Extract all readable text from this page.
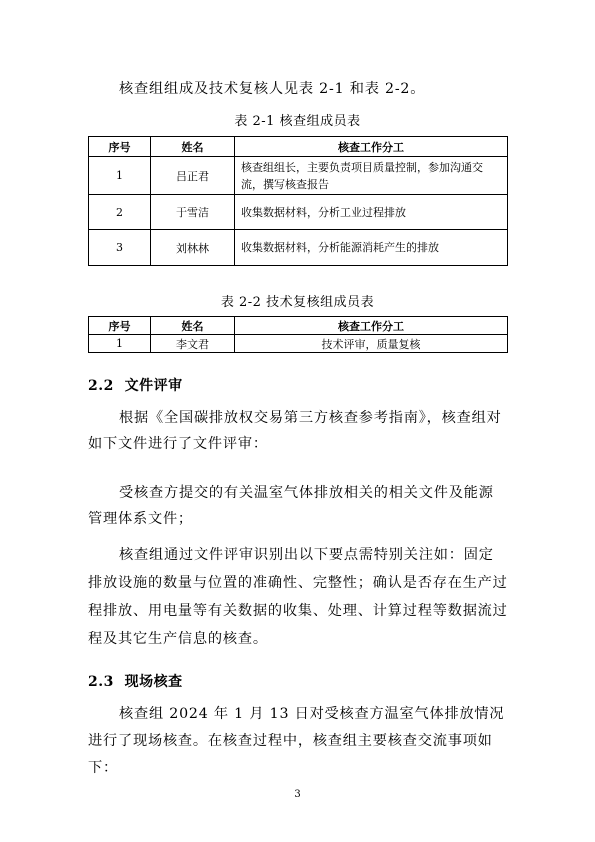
核查组组成及技术复核人见表 2-1 和表 2-2。
表 2-1 核查组成员表
序号	姓名	核查工作分工
1	吕正君	核查组组长，主要负责项目质量控制，参加沟通交流，撰写核查报告
2	于雪洁	收集数据材料，分析工业过程排放
3	刘林林	收集数据材料，分析能源消耗产生的排放
表 2-2 技术复核组成员表
序号	姓名	核查工作分工
1	李文君	技术评审，质量复核
2.2 文件评审
根据《全国碳排放权交易第三方核查参考指南》，核查组对如下文件进行了文件评审：
受核查方提交的有关温室气体排放相关的相关文件及能源管理体系文件；
核查组通过文件评审识别出以下要点需特别关注如：固定排放设施的数量与位置的准确性、完整性；确认是否存在生产过程排放、用电量等有关数据的收集、处理、计算过程等数据流过程及其它生产信息的核查。
2.3 现场核查
核查组 2024 年 1 月 13 日对受核查方温室气体排放情况进行了现场核查。在核查过程中，核查组主要核查交流事项如下：
3
